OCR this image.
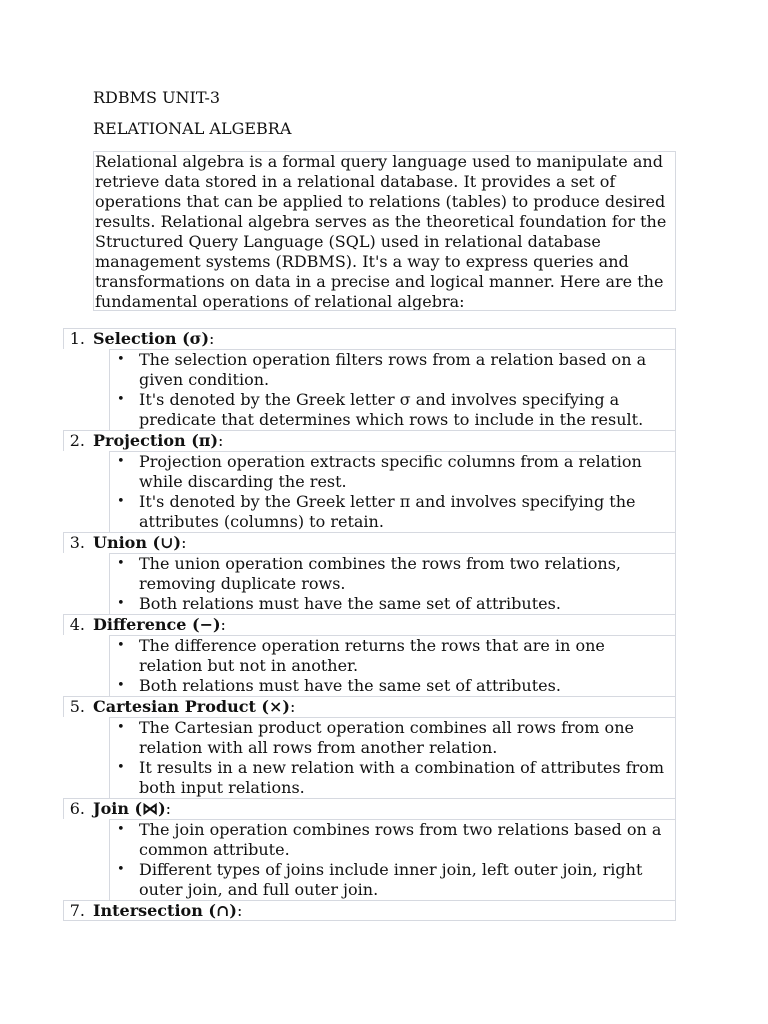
RDBMS UNIT-3
RELATIONAL ALGEBRA

Relational algebra is a formal query language used to manipulate and retrieve data stored in a relational database. It provides a set of operations that can be applied to relations (tables) to produce desired results. Relational algebra serves as the theoretical foundation for the Structured Query Language (SQL) used in relational database management systems (RDBMS). It's a way to express queries and transformations on data in a precise and logical manner. Here are the fundamental operations of relational algebra:

1. Selection (σ):
• The selection operation filters rows from a relation based on a given condition.
• It's denoted by the Greek letter σ and involves specifying a predicate that determines which rows to include in the result.
2. Projection (π):
• Projection operation extracts specific columns from a relation while discarding the rest.
• It's denoted by the Greek letter π and involves specifying the attributes (columns) to retain.
3. Union (∪):
• The union operation combines the rows from two relations, removing duplicate rows.
• Both relations must have the same set of attributes.
4. Difference (−):
• The difference operation returns the rows that are in one relation but not in another.
• Both relations must have the same set of attributes.
5. Cartesian Product (×):
• The Cartesian product operation combines all rows from one relation with all rows from another relation.
• It results in a new relation with a combination of attributes from both input relations.
6. Join (⋈):
• The join operation combines rows from two relations based on a common attribute.
• Different types of joins include inner join, left outer join, right outer join, and full outer join.
7. Intersection (∩):
